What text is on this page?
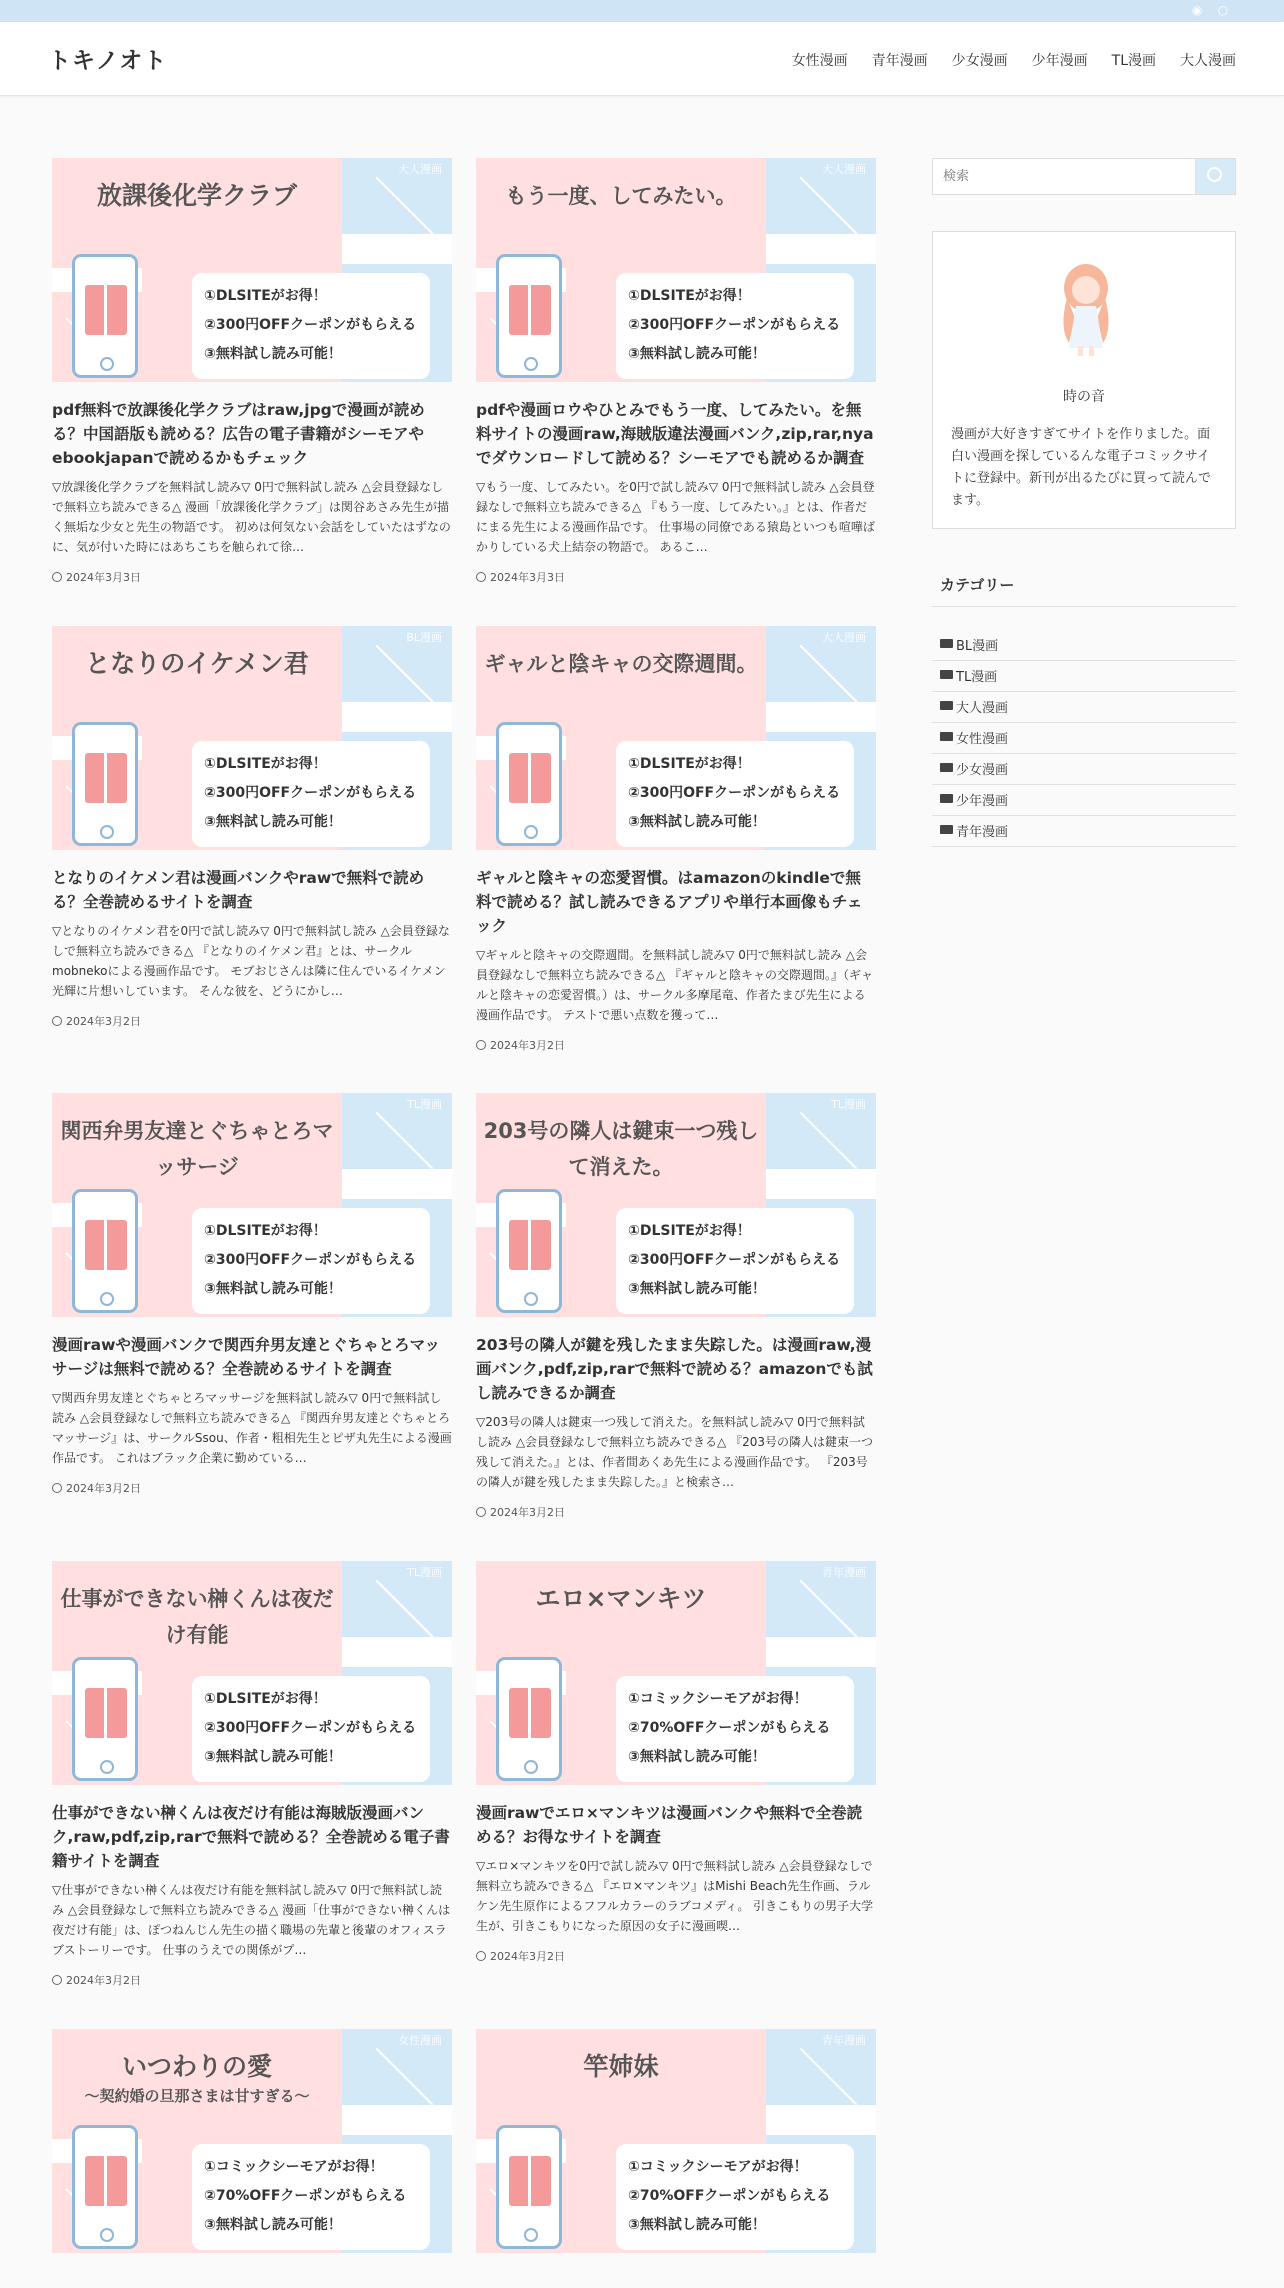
◉ ○
トキノオト	女性漫画 青年漫画 少女漫画 少年漫画 TL漫画 大人漫画
大人漫画
放課後化学クラブ
①DLSITEがお得！
②300円OFFクーポンがもらえる
③無料試し読み可能！
pdf無料で放課後化学クラブはraw,jpgで漫画が読める？中国語版も読める？広告の電子書籍がシーモアやebookjapanで読めるかもチェック
▽放課後化学クラブを無料試し読み▽ 0円で無料試し読み △会員登録なしで無料立ち読みできる△ 漫画「放課後化学クラブ」は関谷あさみ先生が描く無垢な少女と先生の物語です。 初めは何気ない会話をしていたはずなのに、気が付いた時にはあちこちを触られて徐…
2024年3月3日
大人漫画
もう一度、してみたい。
①DLSITEがお得！
②300円OFFクーポンがもらえる
③無料試し読み可能！
pdfや漫画ロウやひとみでもう一度、してみたい。を無料サイトの漫画raw,海賊版違法漫画バンク,zip,rar,nyaでダウンロードして読める？シーモアでも読めるか調査
▽もう一度、してみたい。を0円で試し読み▽ 0円で無料試し読み △会員登録なしで無料立ち読みできる△ 『もう一度、してみたい。』とは、作者だにまる先生による漫画作品です。 仕事場の同僚である猿島といつも喧嘩ばかりしている犬上結奈の物語で。 あるこ…
2024年3月3日
BL漫画
となりのイケメン君
①DLSITEがお得！
②300円OFFクーポンがもらえる
③無料試し読み可能！
となりのイケメン君は漫画バンクやrawで無料で読める？全巻読めるサイトを調査
▽となりのイケメン君を0円で試し読み▽ 0円で無料試し読み △会員登録なしで無料立ち読みできる△ 『となりのイケメン君』とは、サークルmobnekoによる漫画作品です。 モブおじさんは隣に住んでいるイケメン光輝に片想いしています。 そんな彼を、どうにかし…
2024年3月2日
大人漫画
ギャルと陰キャの交際週間。
①DLSITEがお得！
②300円OFFクーポンがもらえる
③無料試し読み可能！
ギャルと陰キャの恋愛習慣。はamazonのkindleで無料で読める？試し読みできるアプリや単行本画像もチェック
▽ギャルと陰キャの交際週間。を無料試し読み▽ 0円で無料試し読み △会員登録なしで無料立ち読みできる△ 『ギャルと陰キャの交際週間。』（ギャルと陰キャの恋愛習慣。）は、サークル多摩尾竜、作者たまび先生による漫画作品です。 テストで悪い点数を獲って…
2024年3月2日
TL漫画
関西弁男友達とぐちゃとろマッサージ
①DLSITEがお得！
②300円OFFクーポンがもらえる
③無料試し読み可能！
漫画rawや漫画バンクで関西弁男友達とぐちゃとろマッサージは無料で読める？全巻読めるサイトを調査
▽関西弁男友達とぐちゃとろマッサージを無料試し読み▽ 0円で無料試し読み △会員登録なしで無料立ち読みできる△ 『関西弁男友達とぐちゃとろマッサージ』は、サークルSsou、作者・粗相先生とピザ丸先生による漫画作品です。 これはブラック企業に勤めている…
2024年3月2日
TL漫画
203号の隣人は鍵束一つ残して消えた。
①DLSITEがお得！
②300円OFFクーポンがもらえる
③無料試し読み可能！
203号の隣人が鍵を残したまま失踪した。は漫画raw,漫画バンク,pdf,zip,rarで無料で読める？amazonでも試し読みできるか調査
▽203号の隣人は鍵束一つ残して消えた。を無料試し読み▽ 0円で無料試し読み △会員登録なしで無料立ち読みできる△ 『203号の隣人は鍵束一つ残して消えた。』とは、作者間あくあ先生による漫画作品です。 『203号の隣人が鍵を残したまま失踪した。』と検索さ…
2024年3月2日
TL漫画
仕事ができない榊くんは夜だけ有能
①DLSITEがお得！
②300円OFFクーポンがもらえる
③無料試し読み可能！
仕事ができない榊くんは夜だけ有能は海賊版漫画バンク,raw,pdf,zip,rarで無料で読める？全巻読める電子書籍サイトを調査
▽仕事ができない榊くんは夜だけ有能を無料試し読み▽ 0円で無料試し読み △会員登録なしで無料立ち読みできる△ 漫画「仕事ができない榊くんは夜だけ有能」は、ぽつねんじん先生の描く職場の先輩と後輩のオフィスラブストーリーです。 仕事のうえでの関係がプ…
2024年3月2日
青年漫画
エロ×マンキツ
①コミックシーモアがお得！
②70%OFFクーポンがもらえる
③無料試し読み可能！
漫画rawでエロ×マンキツは漫画バンクや無料で全巻読める？お得なサイトを調査
▽エロ×マンキツを0円で試し読み▽ 0円で無料試し読み △会員登録なしで無料立ち読みできる△ 『エロ×マンキツ』はMishi Beach先生作画、ラルケン先生原作によるフフルカラーのラブコメディ。 引きこもりの男子大学生が、引きこもりになった原因の女子に漫画喫…
2024年3月2日
女性漫画
いつわりの愛
～契約婚の旦那さまは甘すぎる～
①コミックシーモアがお得！
②70%OFFクーポンがもらえる
③無料試し読み可能！
青年漫画
竿姉妹
①コミックシーモアがお得！
②70%OFFクーポンがもらえる
③無料試し読み可能！
検索
時の音
漫画が大好きすぎてサイトを作りました。面白い漫画を探しているんな電子コミックサイトに登録中。新刊が出るたびに買って読んでます。
カテゴリー
BL漫画
TL漫画
大人漫画
女性漫画
少女漫画
少年漫画
青年漫画
